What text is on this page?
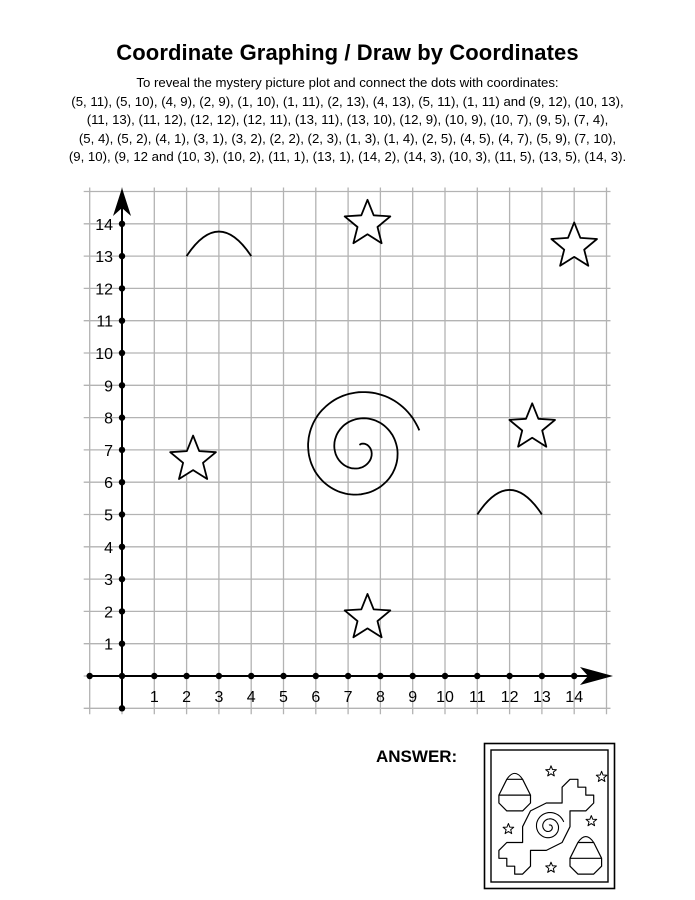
Coordinate Graphing / Draw by Coordinates
To reveal the mystery picture plot and connect the dots with coordinates:
(5, 11), (5, 10), (4, 9), (2, 9), (1, 10), (1, 11), (2, 13), (4, 13), (5, 11), (1, 11) and (9, 12), (10, 13),
(11, 13), (11, 12), (12, 12), (12, 11), (13, 11), (13, 10), (12, 9), (10, 9), (10, 7), (9, 5), (7, 4),
(5, 4), (5, 2), (4, 1), (3, 1), (3, 2), (2, 2), (2, 3), (1, 3), (1, 4), (2, 5), (4, 5), (4, 7), (5, 9), (7, 10),
(9, 10), (9, 12 and (10, 3), (10, 2), (11, 1), (13, 1), (14, 2), (14, 3), (10, 3), (11, 5), (13, 5), (14, 3).
1 2 3 4 5 6 7 8 9 10 11 12 13 14
1
2
3
4
5
6
7
8
9
10
11
12
13
14
ANSWER:
